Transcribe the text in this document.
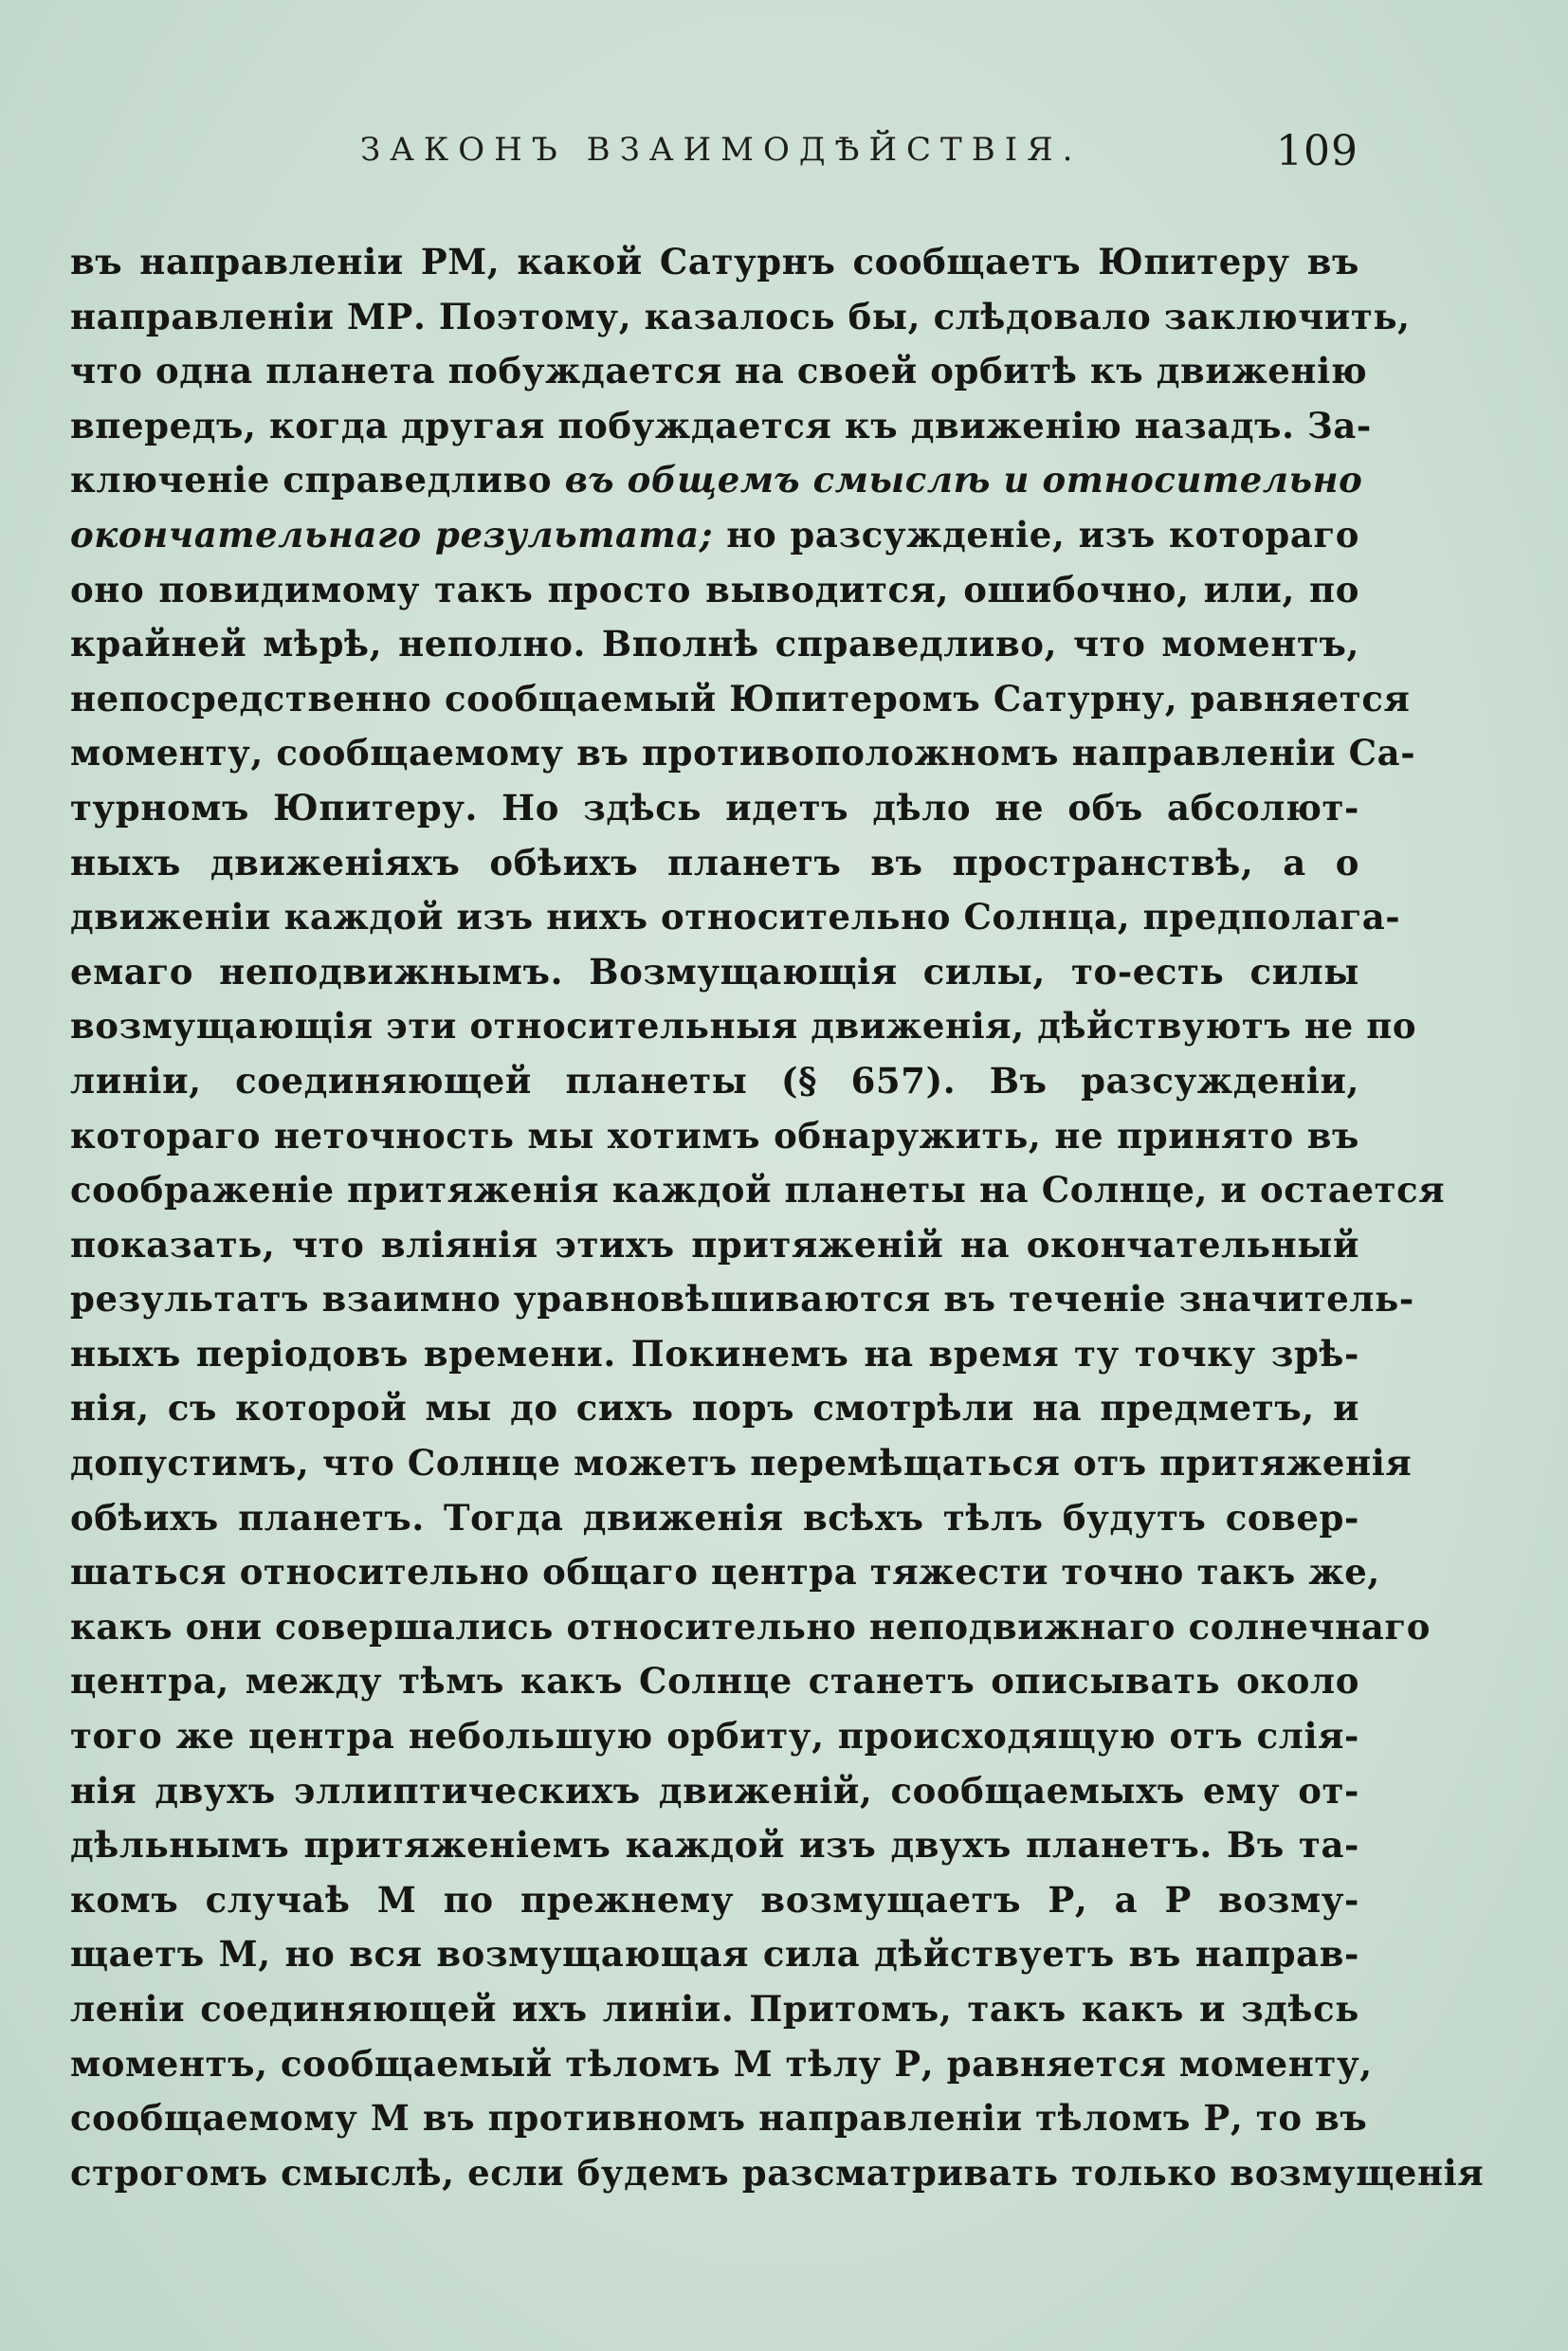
ЗАКОНЪ ВЗАИМОДѢЙСТВІЯ.	109
въ направленіи РМ, какой Сатурнъ сообщаетъ Юпитеру въ
направленіи МР. Поэтому, казалось бы, слѣдовало заключить,
что одна планета побуждается на своей орбитѣ къ движенію
впередъ, когда другая побуждается къ движенію назадъ. За-
ключеніе справедливо въ общемъ смыслѣ и относительно
окончательнаго результата; но разсужденіе, изъ котораго
оно повидимому такъ просто выводится, ошибочно, или, по
крайней мѣрѣ, неполно. Вполнѣ справедливо, что моментъ,
непосредственно сообщаемый Юпитеромъ Сатурну, равняется
моменту, сообщаемому въ противоположномъ направленіи Са-
турномъ Юпитеру. Но здѣсь идетъ дѣло не объ абсолют-
ныхъ движеніяхъ обѣихъ планетъ въ пространствѣ, а о
движеніи каждой изъ нихъ относительно Солнца, предполага-
емаго неподвижнымъ. Возмущающія силы, то-есть силы
возмущающія эти относительныя движенія, дѣйствуютъ не по
линіи, соединяющей планеты (§ 657). Въ разсужденіи,
котораго неточность мы хотимъ обнаружить, не принято въ
соображеніе притяженія каждой планеты на Солнце, и остается
показать, что вліянія этихъ притяженій на окончательный
результатъ взаимно уравновѣшиваются въ теченіе значитель-
ныхъ періодовъ времени. Покинемъ на время ту точку зрѣ-
нія, съ которой мы до сихъ поръ смотрѣли на предметъ, и
допустимъ, что Солнце можетъ перемѣщаться отъ притяженія
обѣихъ планетъ. Тогда движенія всѣхъ тѣлъ будутъ совер-
шаться относительно общаго центра тяжести точно такъ же,
какъ они совершались относительно неподвижнаго солнечнаго
центра, между тѣмъ какъ Солнце станетъ описывать около
того же центра небольшую орбиту, происходящую отъ слія-
нія двухъ эллиптическихъ движеній, сообщаемыхъ ему от-
дѣльнымъ притяженіемъ каждой изъ двухъ планетъ. Въ та-
комъ случаѣ М по прежнему возмущаетъ Р, а Р возму-
щаетъ М, но вся возмущающая сила дѣйствуетъ въ направ-
леніи соединяющей ихъ линіи. Притомъ, такъ какъ и здѣсь
моментъ, сообщаемый тѣломъ М тѣлу Р, равняется моменту,
сообщаемому М въ противномъ направленіи тѣломъ Р, то въ
строгомъ смыслѣ, если будемъ разсматривать только возмущенія
